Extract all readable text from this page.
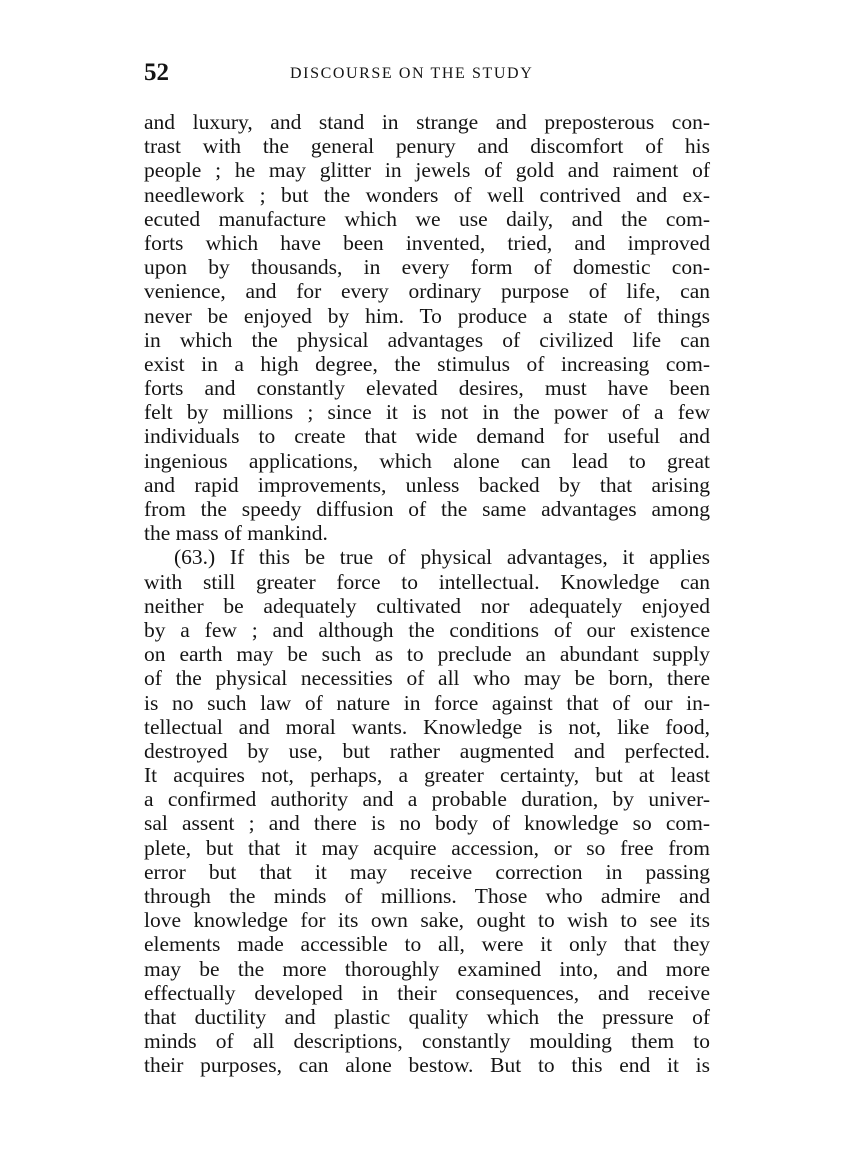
52	DISCOURSE ON THE STUDY
and luxury, and stand in strange and preposterous con-
trast with the general penury and discomfort of his
people ; he may glitter in jewels of gold and raiment of
needlework ; but the wonders of well contrived and ex-
ecuted manufacture which we use daily, and the com-
forts which have been invented, tried, and improved
upon by thousands, in every form of domestic con-
venience, and for every ordinary purpose of life, can
never be enjoyed by him. To produce a state of things
in which the physical advantages of civilized life can
exist in a high degree, the stimulus of increasing com-
forts and constantly elevated desires, must have been
felt by millions ; since it is not in the power of a few
individuals to create that wide demand for useful and
ingenious applications, which alone can lead to great
and rapid improvements, unless backed by that arising
from the speedy diffusion of the same advantages among
the mass of mankind.
(63.) If this be true of physical advantages, it applies
with still greater force to intellectual. Knowledge can
neither be adequately cultivated nor adequately enjoyed
by a few ; and although the conditions of our existence
on earth may be such as to preclude an abundant supply
of the physical necessities of all who may be born, there
is no such law of nature in force against that of our in-
tellectual and moral wants. Knowledge is not, like food,
destroyed by use, but rather augmented and perfected.
It acquires not, perhaps, a greater certainty, but at least
a confirmed authority and a probable duration, by univer-
sal assent ; and there is no body of knowledge so com-
plete, but that it may acquire accession, or so free from
error but that it may receive correction in passing
through the minds of millions. Those who admire and
love knowledge for its own sake, ought to wish to see its
elements made accessible to all, were it only that they
may be the more thoroughly examined into, and more
effectually developed in their consequences, and receive
that ductility and plastic quality which the pressure of
minds of all descriptions, constantly moulding them to
their purposes, can alone bestow. But to this end it is
